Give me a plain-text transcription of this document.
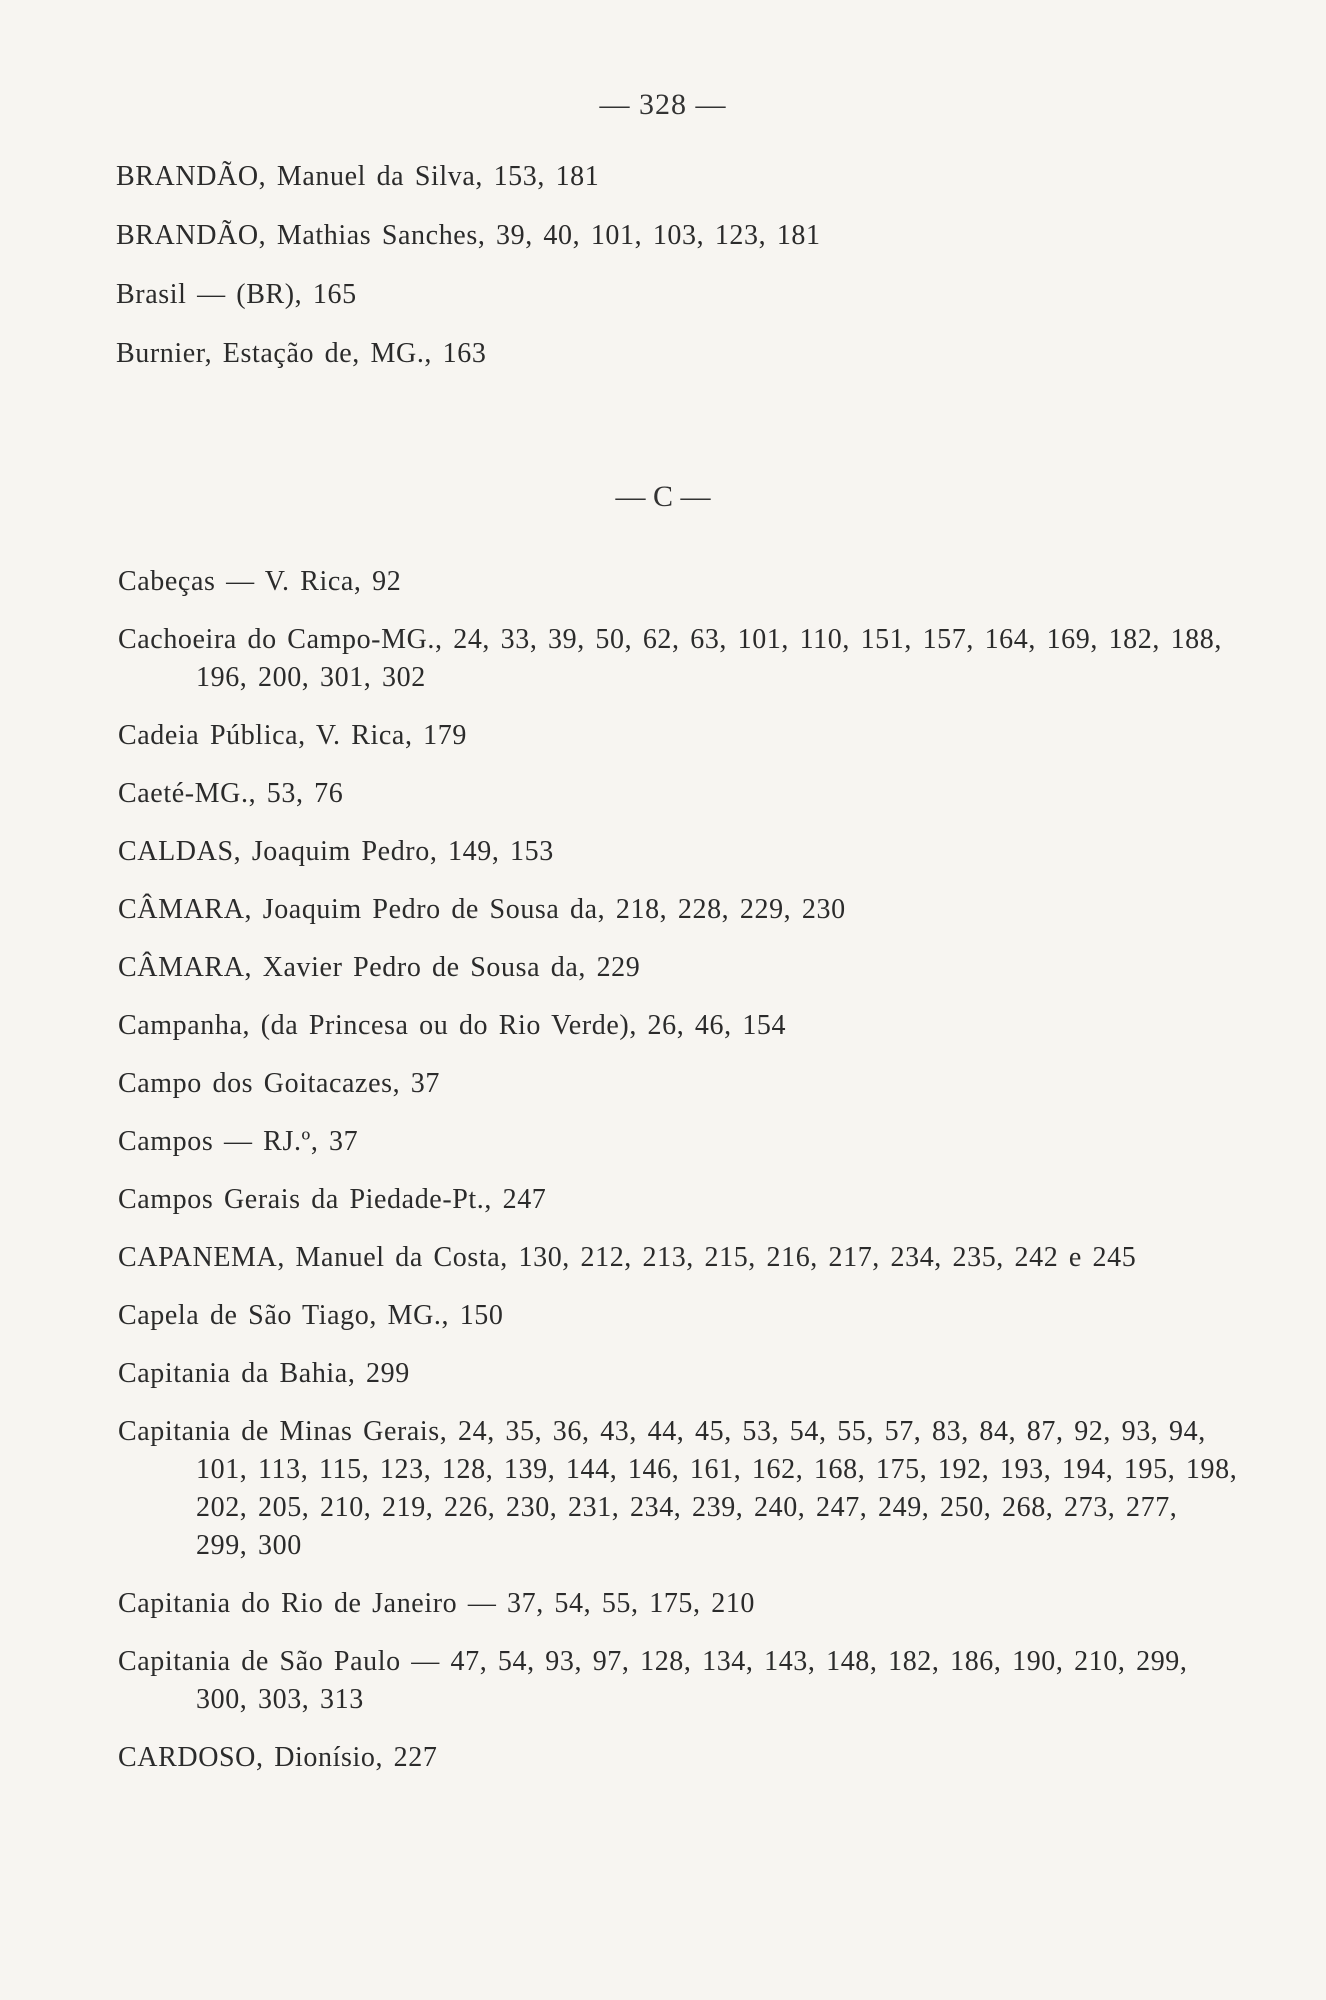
— 328 —
BRANDÃO, Manuel da Silva, 153, 181
BRANDÃO, Mathias Sanches, 39, 40, 101, 103, 123, 181
Brasil — (BR), 165
Burnier, Estação de, MG., 163
— C —
Cabeças — V. Rica, 92
Cachoeira do Campo-MG., 24, 33, 39, 50, 62, 63, 101, 110, 151, 157, 164, 169, 182, 188, 196, 200, 301, 302
Cadeia Pública, V. Rica, 179
Caeté-MG., 53, 76
CALDAS, Joaquim Pedro, 149, 153
CÂMARA, Joaquim Pedro de Sousa da, 218, 228, 229, 230
CÂMARA, Xavier Pedro de Sousa da, 229
Campanha, (da Princesa ou do Rio Verde), 26, 46, 154
Campo dos Goitacazes, 37
Campos — RJ.º, 37
Campos Gerais da Piedade-Pt., 247
CAPANEMA, Manuel da Costa, 130, 212, 213, 215, 216, 217, 234, 235, 242 e 245
Capela de São Tiago, MG., 150
Capitania da Bahia, 299
Capitania de Minas Gerais, 24, 35, 36, 43, 44, 45, 53, 54, 55, 57, 83, 84, 87, 92, 93, 94, 101, 113, 115, 123, 128, 139, 144, 146, 161, 162, 168, 175, 192, 193, 194, 195, 198, 202, 205, 210, 219, 226, 230, 231, 234, 239, 240, 247, 249, 250, 268, 273, 277, 299, 300
Capitania do Rio de Janeiro — 37, 54, 55, 175, 210
Capitania de São Paulo — 47, 54, 93, 97, 128, 134, 143, 148, 182, 186, 190, 210, 299, 300, 303, 313
CARDOSO, Dionísio, 227
